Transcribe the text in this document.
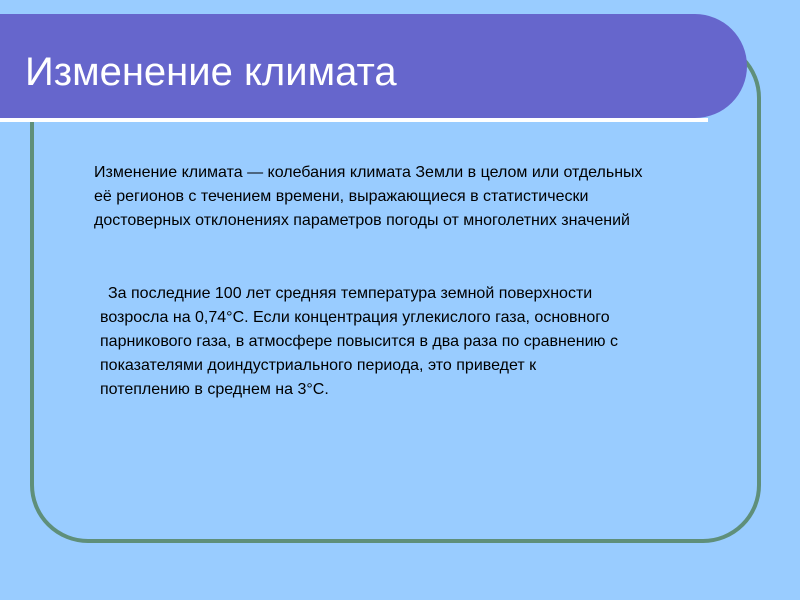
Изменение климата

Изменение климата — колебания климата Земли в целом или отдельных её регионов с течением времени, выражающиеся в статистически достоверных отклонениях параметров погоды от многолетних значений

За последние 100 лет средняя температура земной поверхности возросла на 0,74°С. Если концентрация углекислого газа, основного парникового газа, в атмосфере повысится в два раза по сравнению с показателями доиндустриального периода, это приведет к потеплению в среднем на 3°С.
